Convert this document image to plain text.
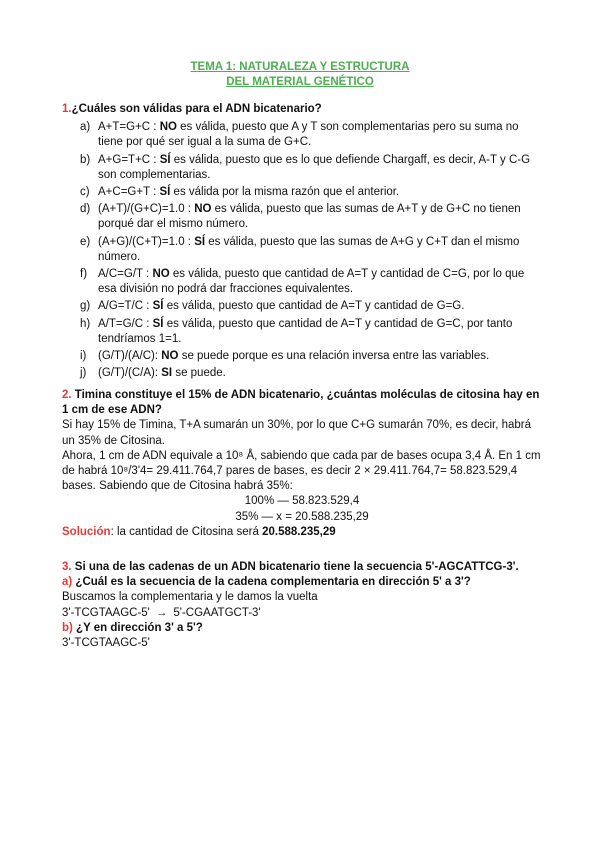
TEMA 1: NATURALEZA Y ESTRUCTURA
DEL MATERIAL GENÉTICO
1.¿Cuáles son válidas para el ADN bicatenario?
a) A+T=G+C : NO es válida, puesto que A y T son complementarias pero su suma no tiene por qué ser igual a la suma de G+C.
b) A+G=T+C : SÍ es válida, puesto que es lo que defiende Chargaff, es decir, A-T y C-G son complementarias.
c) A+C=G+T : SÍ es válida por la misma razón que el anterior.
d) (A+T)/(G+C)=1.0 : NO es válida, puesto que las sumas de A+T y de G+C no tienen porqué dar el mismo número.
e) (A+G)/(C+T)=1.0 : SÍ es válida, puesto que las sumas de A+G y C+T dan el mismo número.
f) A/C=G/T : NO es válida, puesto que cantidad de A=T y cantidad de C=G, por lo que esa división no podrá dar fracciones equivalentes.
g) A/G=T/C : SÍ es válida, puesto que cantidad de A=T y cantidad de G=G.
h) A/T=G/C : SÍ es válida, puesto que cantidad de A=T y cantidad de G=C, por tanto tendríamos 1=1.
i) (G/T)/(A/C): NO se puede porque es una relación inversa entre las variables.
j) (G/T)/(C/A): SI se puede.
2. Timina constituye el 15% de ADN bicatenario, ¿cuántas moléculas de citosina hay en 1 cm de ese ADN?
Si hay 15% de Timina, T+A sumarán un 30%, por lo que C+G sumarán 70%, es decir, habrá un 35% de Citosina.
Ahora, 1 cm de ADN equivale a 10⁸ Å, sabiendo que cada par de bases ocupa 3,4 Å. En 1 cm de habrá 10⁸/3'4= 29.411.764,7 pares de bases, es decir 2 × 29.411.764,7= 58.823.529,4 bases. Sabiendo que de Citosina habrá 35%:
100% — 58.823.529,4
35% — x = 20.588.235,29
Solución: la cantidad de Citosina será 20.588.235,29
3. Si una de las cadenas de un ADN bicatenario tiene la secuencia 5'-AGCATTCG-3'.
a) ¿Cuál es la secuencia de la cadena complementaria en dirección 5' a 3'?
Buscamos la complementaria y le damos la vuelta
3'-TCGTAAGC-5' → 5'-CGAATGCT-3'
b) ¿Y en dirección 3' a 5'?
3'-TCGTAAGC-5'
